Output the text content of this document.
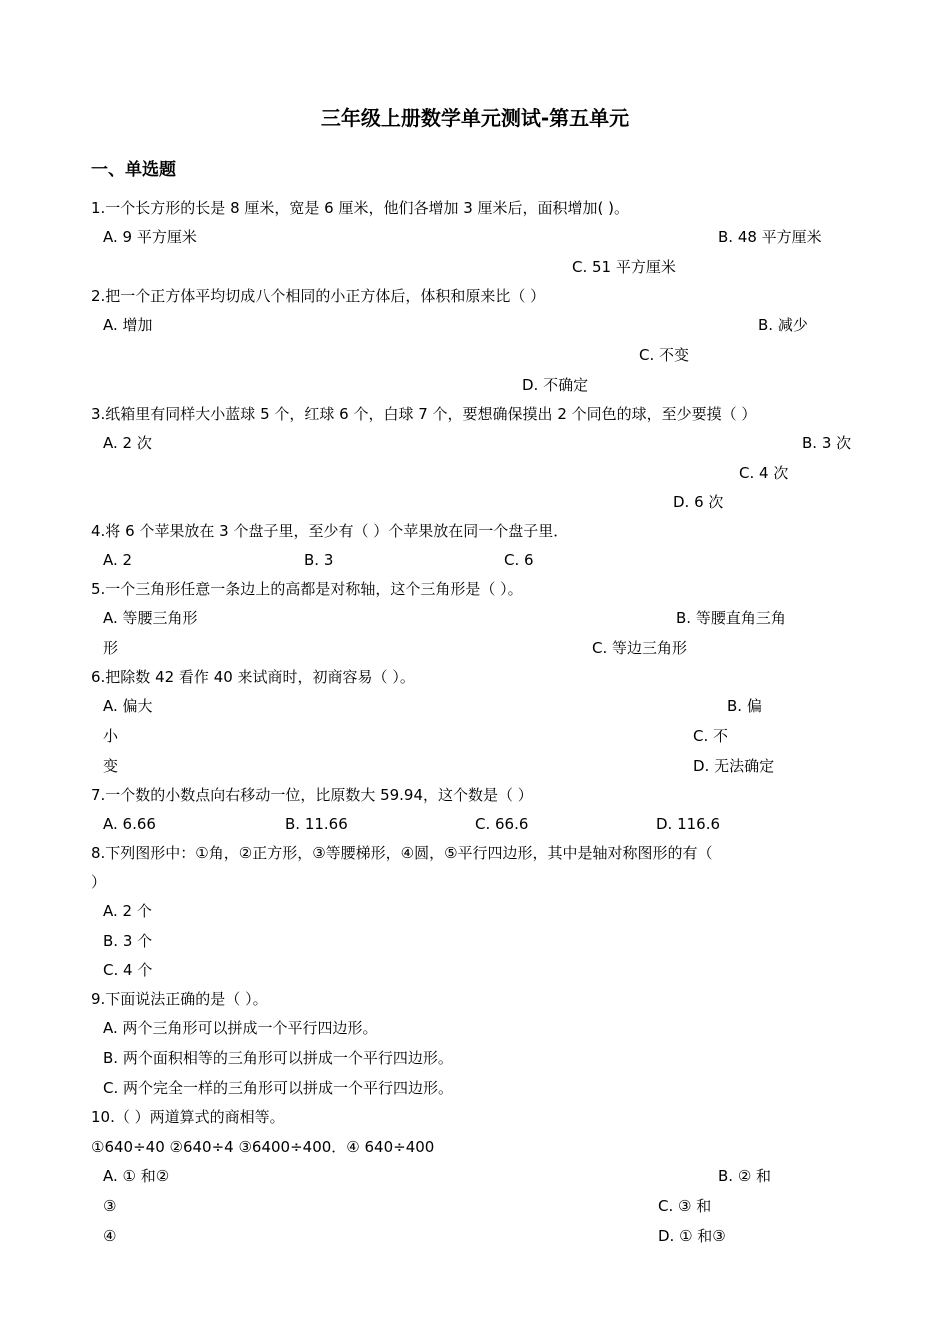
三年级上册数学单元测试-第五单元
一、单选题
1.一个长方形的长是 8 厘米，宽是 6 厘米，他们各增加 3 厘米后，面积增加( )。
A. 9 平方厘米	B. 48 平方厘米
C. 51 平方厘米
2.把一个正方体平均切成八个相同的小正方体后，体积和原来比（ ）
A. 增加	B. 减少
C. 不变
D. 不确定
3.纸箱里有同样大小蓝球 5 个，红球 6 个，白球 7 个，要想确保摸出 2 个同色的球，至少要摸（ ）
A. 2 次	B. 3 次
C. 4 次
D. 6 次
4.将 6 个苹果放在 3 个盘子里，至少有（ ）个苹果放在同一个盘子里．
A. 2	B. 3	C. 6
5.一个三角形任意一条边上的高都是对称轴，这个三角形是（ ）。
A. 等腰三角形	B. 等腰直角三角
形	C. 等边三角形
6.把除数 42 看作 40 来试商时，初商容易（ ）。
A. 偏大	B. 偏
小	C. 不
变	D. 无法确定
7.一个数的小数点向右移动一位，比原数大 59.94，这个数是（ ）
A. 6.66	B. 11.66	C. 66.6	D. 116.6
8.下列图形中：①角，②正方形，③等腰梯形，④圆，⑤平行四边形，其中是轴对称图形的有（
）
A. 2 个
B. 3 个
C. 4 个
9.下面说法正确的是（ ）。
A. 两个三角形可以拼成一个平行四边形。
B. 两个面积相等的三角形可以拼成一个平行四边形。
C. 两个完全一样的三角形可以拼成一个平行四边形。
10.（ ）两道算式的商相等。
①640÷40 ②640÷4 ③6400÷400．④ 640÷400
A. ① 和②	B. ② 和
③	C. ③ 和
④	D. ① 和③
